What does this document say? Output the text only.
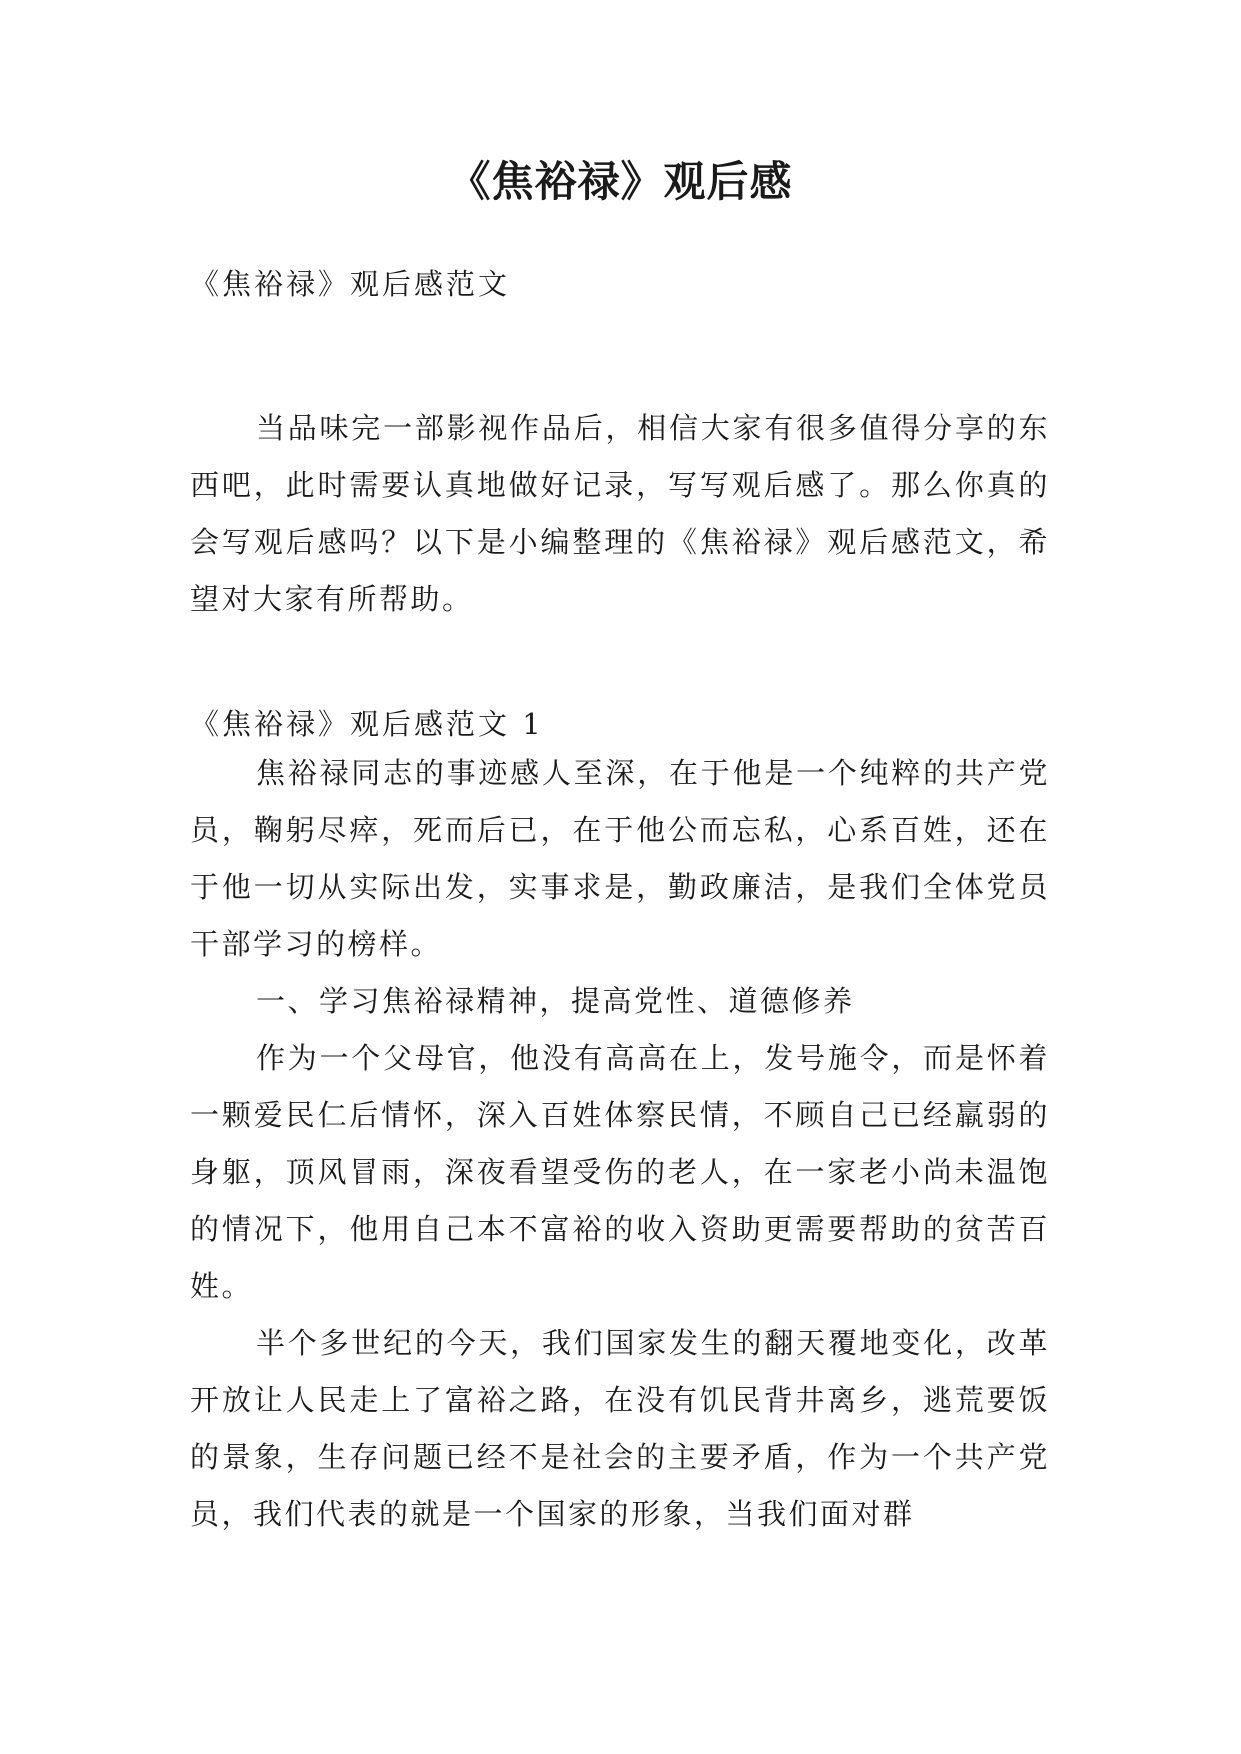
《焦裕禄》观后感

《焦裕禄》观后感范文

当品味完一部影视作品后，相信大家有很多值得分享的东西吧，此时需要认真地做好记录，写写观后感了。那么你真的会写观后感吗？以下是小编整理的《焦裕禄》观后感范文，希望对大家有所帮助。

《焦裕禄》观后感范文 1

焦裕禄同志的事迹感人至深，在于他是一个纯粹的共产党员，鞠躬尽瘁，死而后已，在于他公而忘私，心系百姓，还在于他一切从实际出发，实事求是，勤政廉洁，是我们全体党员干部学习的榜样。

一、学习焦裕禄精神，提高党性、道德修养

作为一个父母官，他没有高高在上，发号施令，而是怀着一颗爱民仁后情怀，深入百姓体察民情，不顾自己已经羸弱的身躯，顶风冒雨，深夜看望受伤的老人，在一家老小尚未温饱的情况下，他用自己本不富裕的收入资助更需要帮助的贫苦百姓。

半个多世纪的今天，我们国家发生的翻天覆地变化，改革开放让人民走上了富裕之路，在没有饥民背井离乡，逃荒要饭的景象，生存问题已经不是社会的主要矛盾，作为一个共产党员，我们代表的就是一个国家的形象，当我们面对群
